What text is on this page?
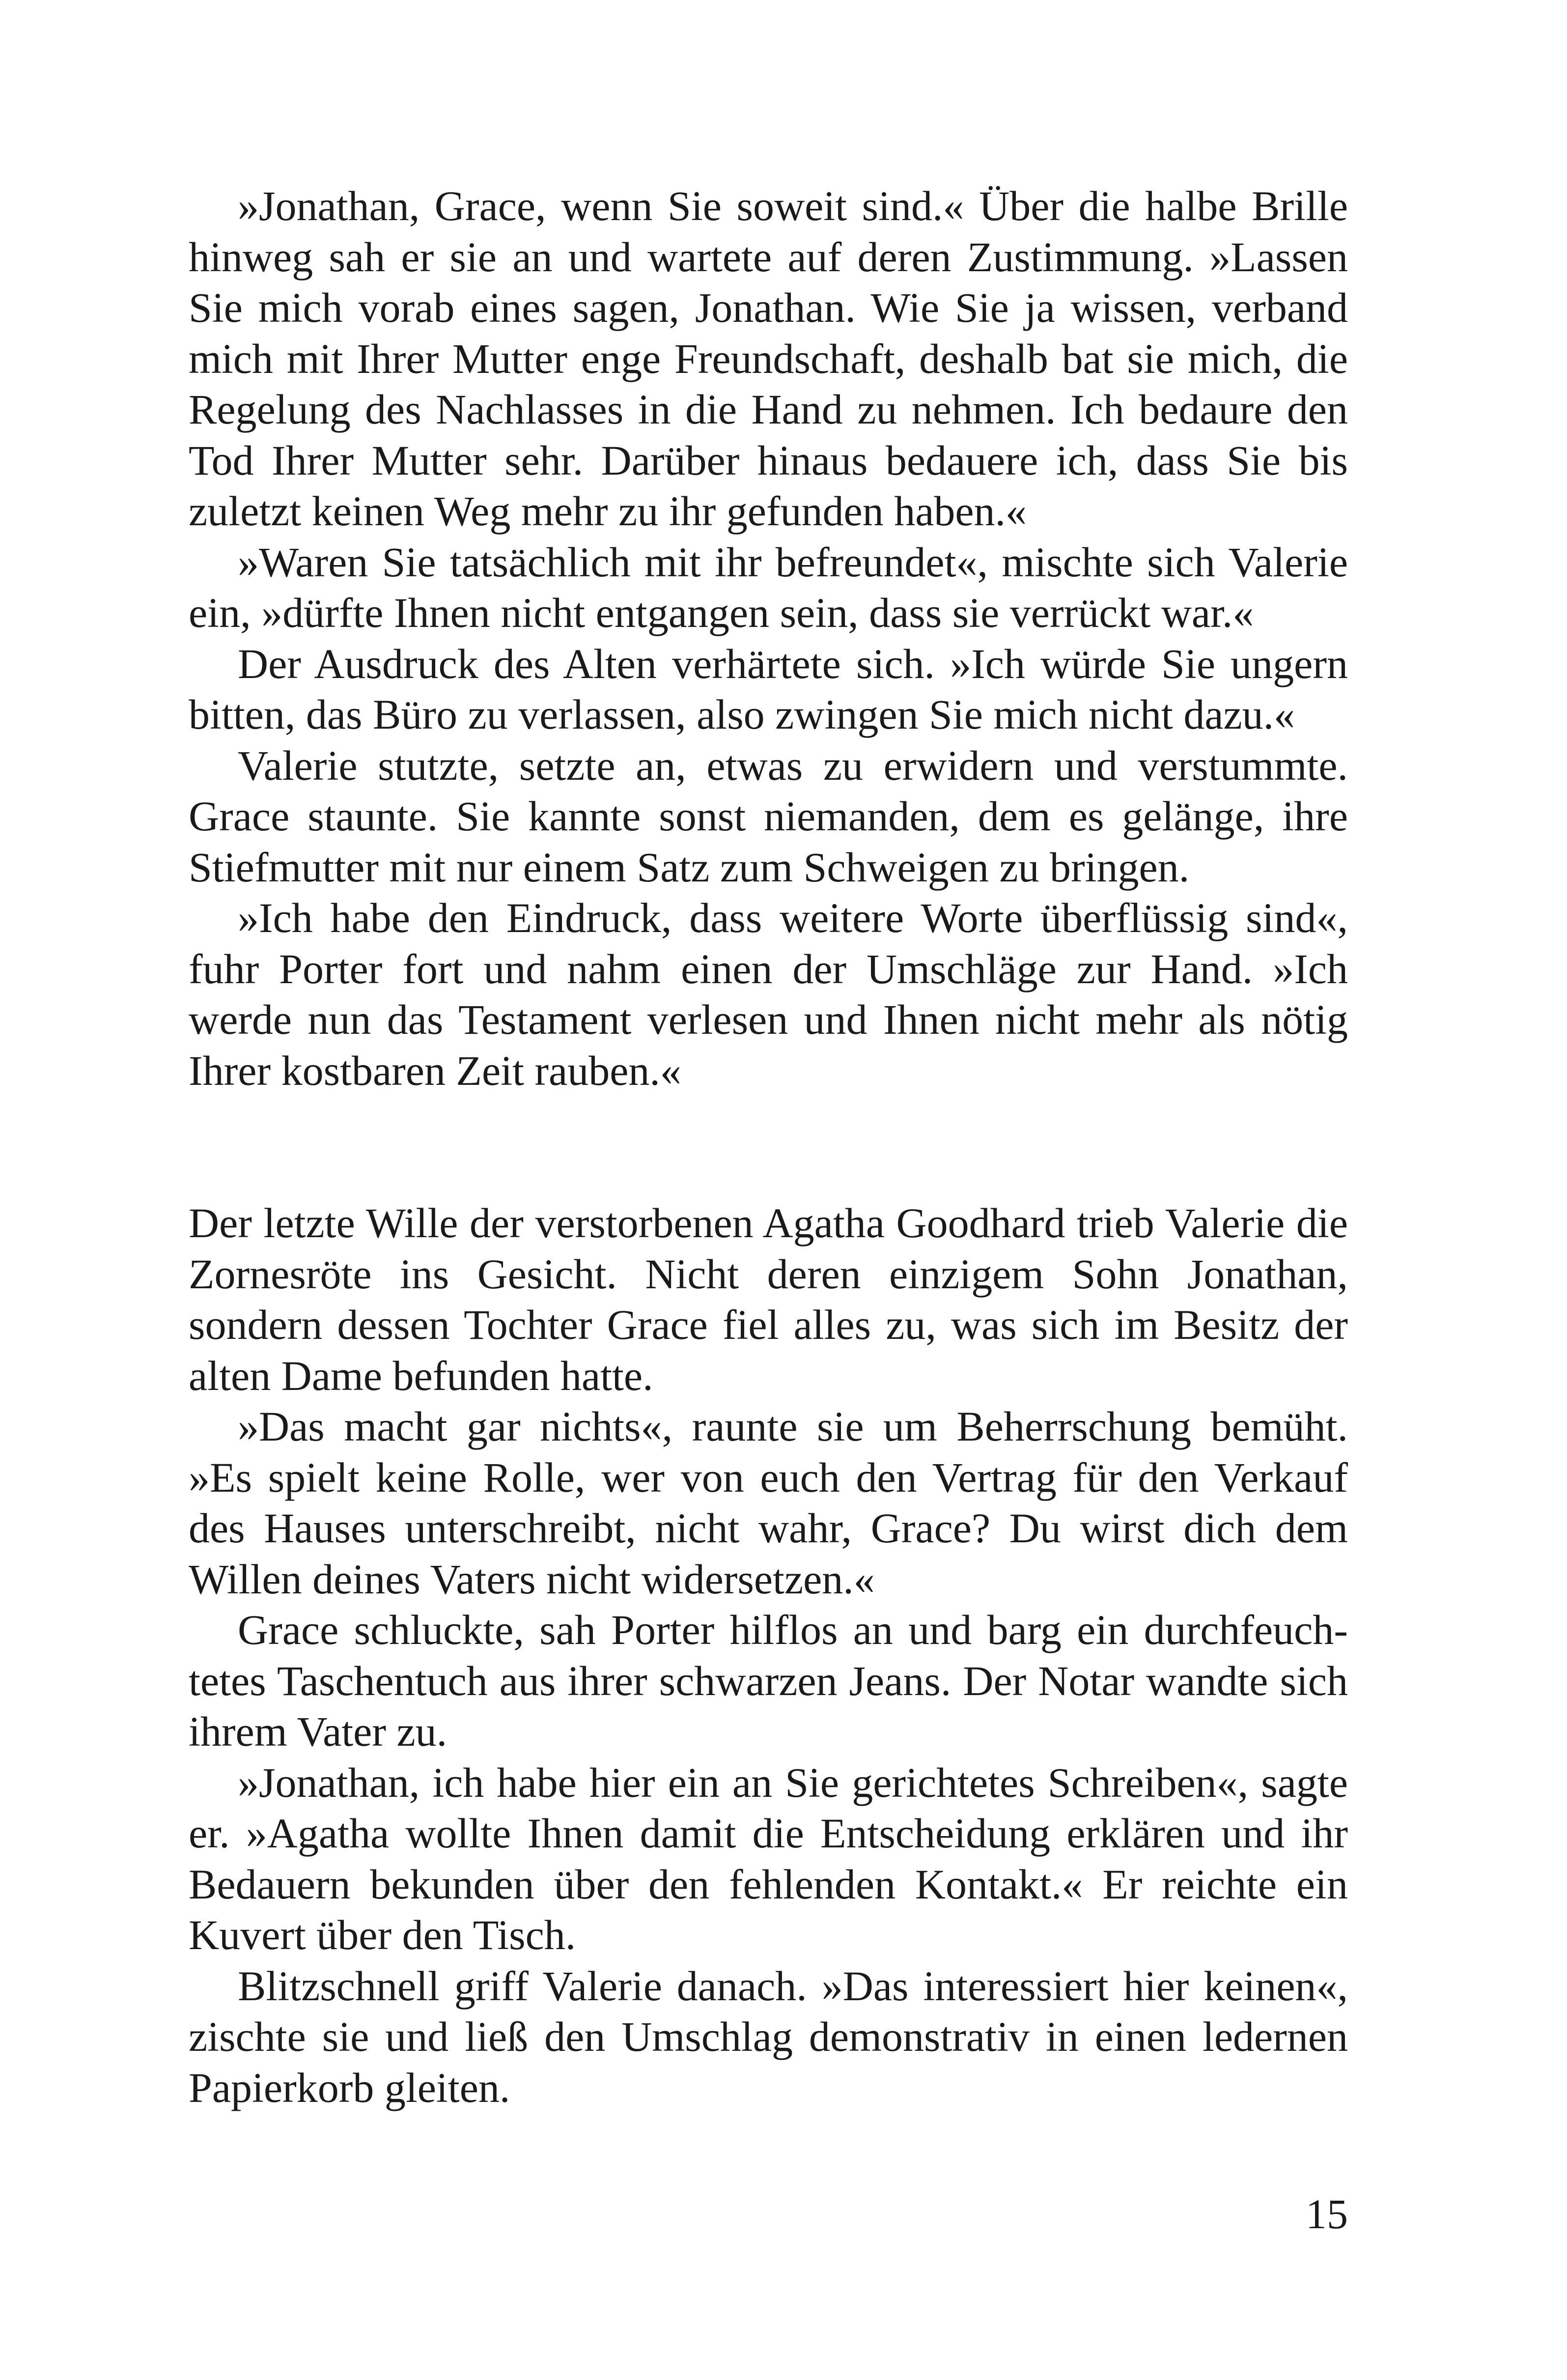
»Jonathan, Grace, wenn Sie soweit sind.« Über die halbe Brille hinweg sah er sie an und wartete auf deren Zustimmung. »Lassen Sie mich vorab eines sagen, Jonathan. Wie Sie ja wissen, verband mich mit Ihrer Mutter enge Freundschaft, deshalb bat sie mich, die Regelung des Nachlasses in die Hand zu nehmen. Ich bedaure den Tod Ihrer Mutter sehr. Darüber hinaus bedauere ich, dass Sie bis zuletzt keinen Weg mehr zu ihr gefunden haben.«

»Waren Sie tatsächlich mit ihr befreundet«, mischte sich Valerie ein, »dürfte Ihnen nicht entgangen sein, dass sie verrückt war.«

Der Ausdruck des Alten verhärtete sich. »Ich würde Sie ungern bitten, das Büro zu verlassen, also zwingen Sie mich nicht dazu.«

Valerie stutzte, setzte an, etwas zu erwidern und verstummte. Grace staunte. Sie kannte sonst niemanden, dem es gelänge, ihre Stiefmutter mit nur einem Satz zum Schweigen zu bringen.

»Ich habe den Eindruck, dass weitere Worte überflüssig sind«, fuhr Porter fort und nahm einen der Umschläge zur Hand. »Ich werde nun das Testament verlesen und Ihnen nicht mehr als nötig Ihrer kostbaren Zeit rauben.«

Der letzte Wille der verstorbenen Agatha Goodhard trieb Valerie die Zornesröte ins Gesicht. Nicht deren einzigem Sohn Jonathan, sondern dessen Tochter Grace fiel alles zu, was sich im Besitz der alten Dame befunden hatte.

»Das macht gar nichts«, raunte sie um Beherrschung bemüht. »Es spielt keine Rolle, wer von euch den Vertrag für den Verkauf des Hauses unterschreibt, nicht wahr, Grace? Du wirst dich dem Willen deines Vaters nicht widersetzen.«

Grace schluckte, sah Porter hilflos an und barg ein durchfeuchtetes Taschentuch aus ihrer schwarzen Jeans. Der Notar wandte sich ihrem Vater zu.

»Jonathan, ich habe hier ein an Sie gerichtetes Schreiben«, sagte er. »Agatha wollte Ihnen damit die Entscheidung erklären und ihr Bedauern bekunden über den fehlenden Kontakt.« Er reichte ein Kuvert über den Tisch.

Blitzschnell griff Valerie danach. »Das interessiert hier keinen«, zischte sie und ließ den Umschlag demonstrativ in einen ledernen Papierkorb gleiten.

15
